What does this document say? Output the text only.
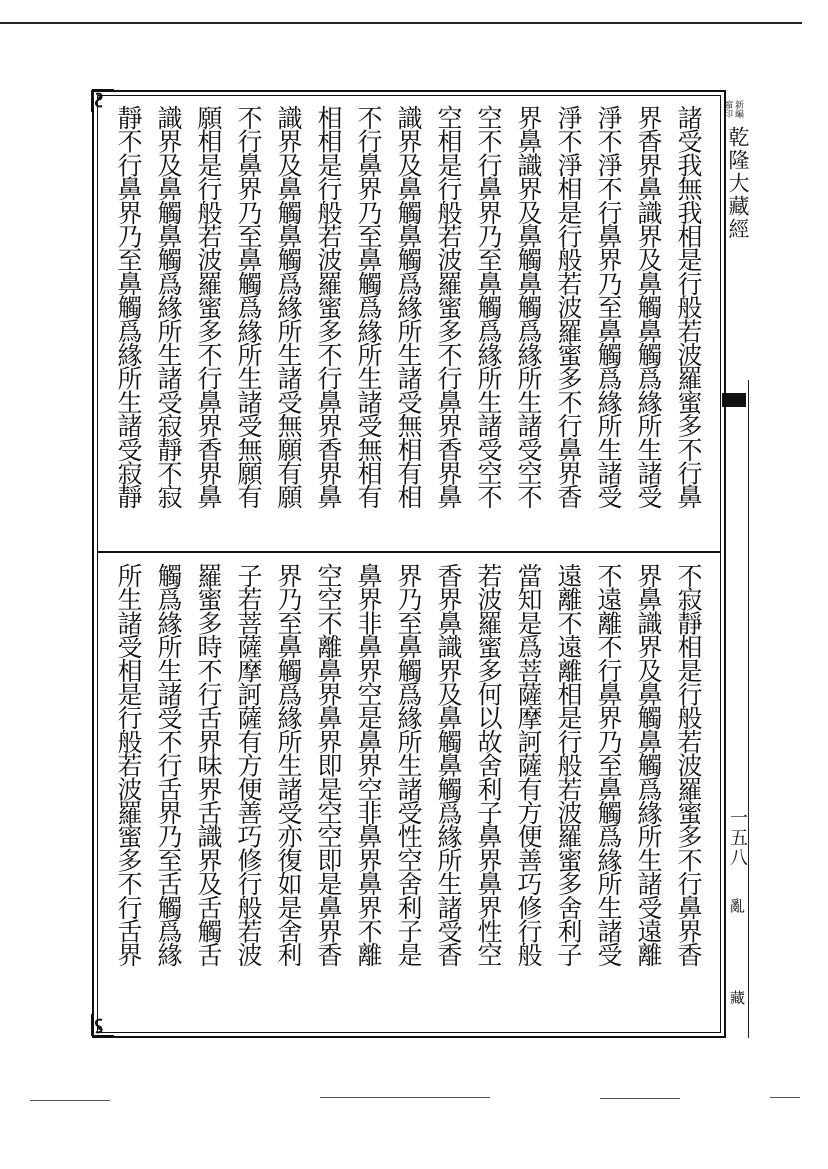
諸受我無我相是行般若波羅蜜多不行鼻
界香界鼻識界及鼻觸鼻觸爲緣所生諸受
淨不淨不行鼻界乃至鼻觸爲緣所生諸受
淨不淨相是行般若波羅蜜多不行鼻界香
界鼻識界及鼻觸鼻觸爲緣所生諸受空不
空不行鼻界乃至鼻觸爲緣所生諸受空不
空相是行般若波羅蜜多不行鼻界香界鼻
識界及鼻觸鼻觸爲緣所生諸受無相有相
不行鼻界乃至鼻觸爲緣所生諸受無相有
相相是行般若波羅蜜多不行鼻界香界鼻
識界及鼻觸鼻觸爲緣所生諸受無願有願
不行鼻界乃至鼻觸爲緣所生諸受無願有
願相是行般若波羅蜜多不行鼻界香界鼻
識界及鼻觸鼻觸爲緣所生諸受寂靜不寂
靜不行鼻界乃至鼻觸爲緣所生諸受寂靜
不寂靜相是行般若波羅蜜多不行鼻界香
界鼻識界及鼻觸鼻觸爲緣所生諸受遠離
不遠離不行鼻界乃至鼻觸爲緣所生諸受
遠離不遠離相是行般若波羅蜜多舍利子
當知是爲菩薩摩訶薩有方便善巧修行般
若波羅蜜多何以故舍利子鼻界鼻界性空
香界鼻識界及鼻觸鼻觸爲緣所生諸受香
界乃至鼻觸爲緣所生諸受性空舍利子是
鼻界非鼻界空是鼻界空非鼻界鼻界不離
空空不離鼻界鼻界即是空空即是鼻界香
界乃至鼻觸爲緣所生諸受亦復如是舍利
子若菩薩摩訶薩有方便善巧修行般若波
羅蜜多時不行舌界味界舌識界及舌觸舌
觸爲緣所生諸受不行舌界乃至舌觸爲緣
所生諸受相是行般若波羅蜜多不行舌界
新編
縮印
乾隆大藏經
一五八
亂
藏
